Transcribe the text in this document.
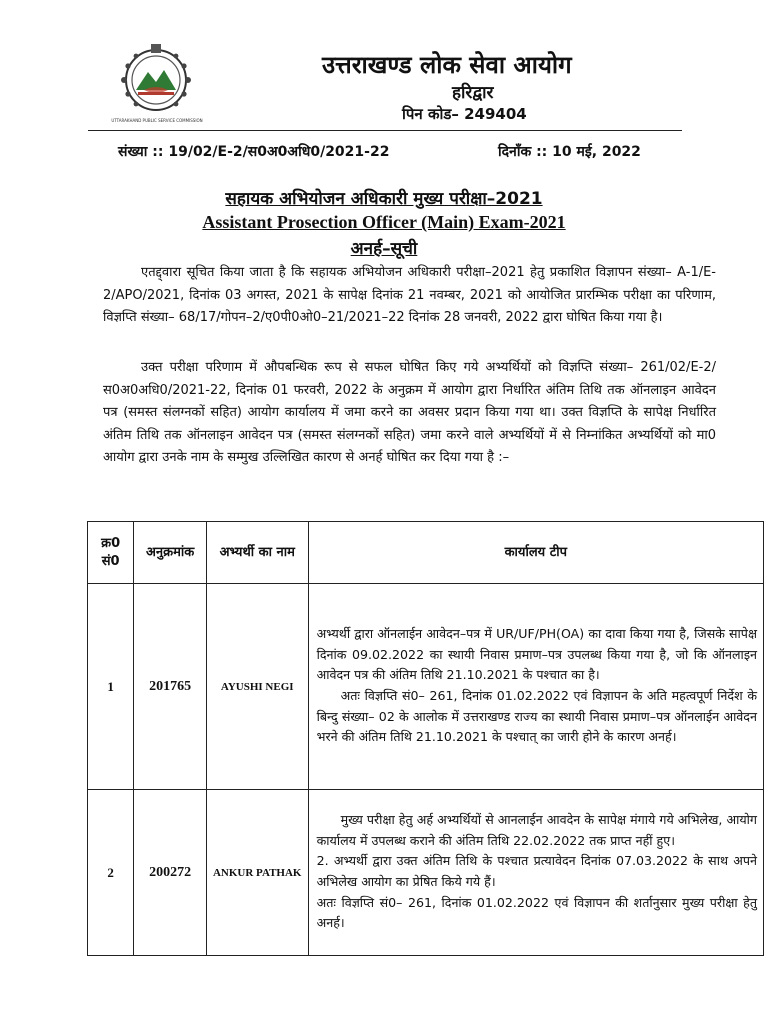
UTTARAKHAND PUBLIC SERVICE COMMISSION
उत्तराखण्ड लोक सेवा आयोग
हरिद्वार
पिन कोड– 249404
संख्या :: 19/02/E-2/स0अ0अधि0/2021-22	दिनाँक :: 10 मई, 2022
सहायक अभियोजन अधिकारी मुख्य परीक्षा–2021
Assistant Prosection Officer (Main) Exam-2021
अनर्ह–सूची
एतद्द्वारा सूचित किया जाता है कि सहायक अभियोजन अधिकारी परीक्षा–2021 हेतु प्रकाशित विज्ञापन संख्या– A-1/E-2/APO/2021, दिनांक 03 अगस्त, 2021 के सापेक्ष दिनांक 21 नवम्बर, 2021 को आयोजित प्रारम्भिक परीक्षा का परिणाम, विज्ञप्ति संख्या– 68/17/गोपन–2/ए0पी0ओ0–21/2021–22 दिनांक 28 जनवरी, 2022 द्वारा घोषित किया गया है।
उक्त परीक्षा परिणाम में औपबन्धिक रूप से सफल घोषित किए गये अभ्यर्थियों को विज्ञप्ति संख्या– 261/02/E-2/स0अ0अधि0/2021-22, दिनांक 01 फरवरी, 2022 के अनुक्रम में आयोग द्वारा निर्धारित अंतिम तिथि तक ऑनलाइन आवेदन पत्र (समस्त संलग्नकों सहित) आयोग कार्यालय में जमा करने का अवसर प्रदान किया गया था। उक्त विज्ञप्ति के सापेक्ष निर्धारित अंतिम तिथि तक ऑनलाइन आवेदन पत्र (समस्त संलग्नकों सहित) जमा करने वाले अभ्यर्थियों में से निम्नांकित अभ्यर्थियों को मा0 आयोग द्वारा उनके नाम के सम्मुख उल्लिखित कारण से अनर्ह घोषित कर दिया गया है :–
क्र0 सं0	अनुक्रमांक	अभ्यर्थी का नाम	कार्यालय टीप
1	201765	AYUSHI NEGI	अभ्यर्थी द्वारा ऑनलाईन आवेदन–पत्र में UR/UF/PH(OA) का दावा किया गया है, जिसके सापेक्ष दिनांक 09.02.2022 का स्थायी निवास प्रमाण–पत्र उपलब्ध किया गया है, जो कि ऑनलाइन आवेदन पत्र की अंतिम तिथि 21.10.2021 के पश्चात का है।

अतः विज्ञप्ति सं0– 261, दिनांक 01.02.2022 एवं विज्ञापन के अति महत्वपूर्ण निर्देश के बिन्दु संख्या– 02 के आलोक में उत्तराखण्ड राज्य का स्थायी निवास प्रमाण–पत्र ऑनलाईन आवेदन भरने की अंतिम तिथि 21.10.2021 के पश्चात् का जारी होने के कारण अनर्ह।

2	200272	ANKUR PATHAK	मुख्य परीक्षा हेतु अर्ह अभ्यर्थियों से आनलाईन आवदेन के सापेक्ष मंगाये गये अभिलेख, आयोग कार्यालय में उपलब्ध कराने की अंतिम तिथि 22.02.2022 तक प्राप्त नहीं हुए।

2. अभ्यर्थी द्वारा उक्त अंतिम तिथि के पश्चात प्रत्यावेदन दिनांक 07.03.2022 के साथ अपने अभिलेख आयोग का प्रेषित किये गये हैं।

अतः विज्ञप्ति सं0– 261, दिनांक 01.02.2022 एवं विज्ञापन की शर्तानुसार मुख्य परीक्षा हेतु अनर्ह।
